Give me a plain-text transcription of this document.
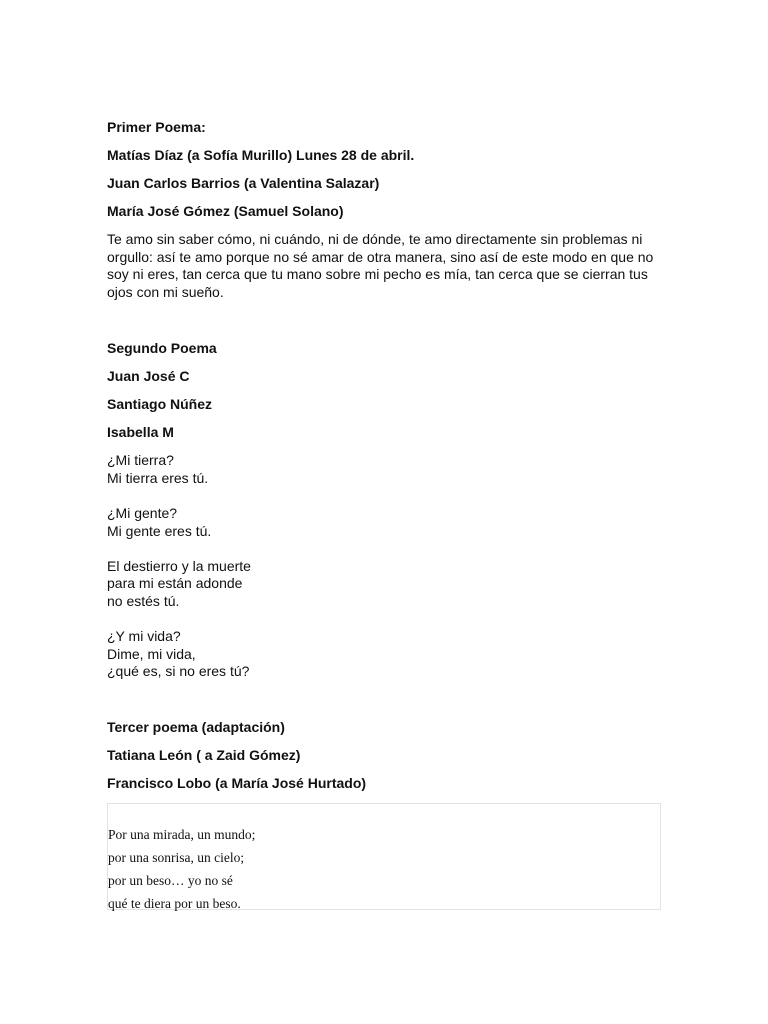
Primer Poema:

Matías Díaz (a Sofía Murillo) Lunes 28 de abril.

Juan Carlos Barrios (a Valentina Salazar)

María José Gómez (Samuel Solano)

Te amo sin saber cómo, ni cuándo, ni de dónde, te amo directamente sin problemas ni orgullo: así te amo porque no sé amar de otra manera, sino así de este modo en que no soy ni eres, tan cerca que tu mano sobre mi pecho es mía, tan cerca que se cierran tus ojos con mi sueño.

Segundo Poema

Juan José C

Santiago Núñez

Isabella M

¿Mi tierra?
Mi tierra eres tú.
¿Mi gente?
Mi gente eres tú.
El destierro y la muerte
para mi están adonde
no estés tú.
¿Y mi vida?
Dime, mi vida,
¿qué es, si no eres tú?

Tercer poema (adaptación)

Tatiana León ( a Zaid Gómez)

Francisco Lobo (a María José Hurtado)

Por una mirada, un mundo;
por una sonrisa, un cielo;
por un beso… yo no sé
qué te diera por un beso.
